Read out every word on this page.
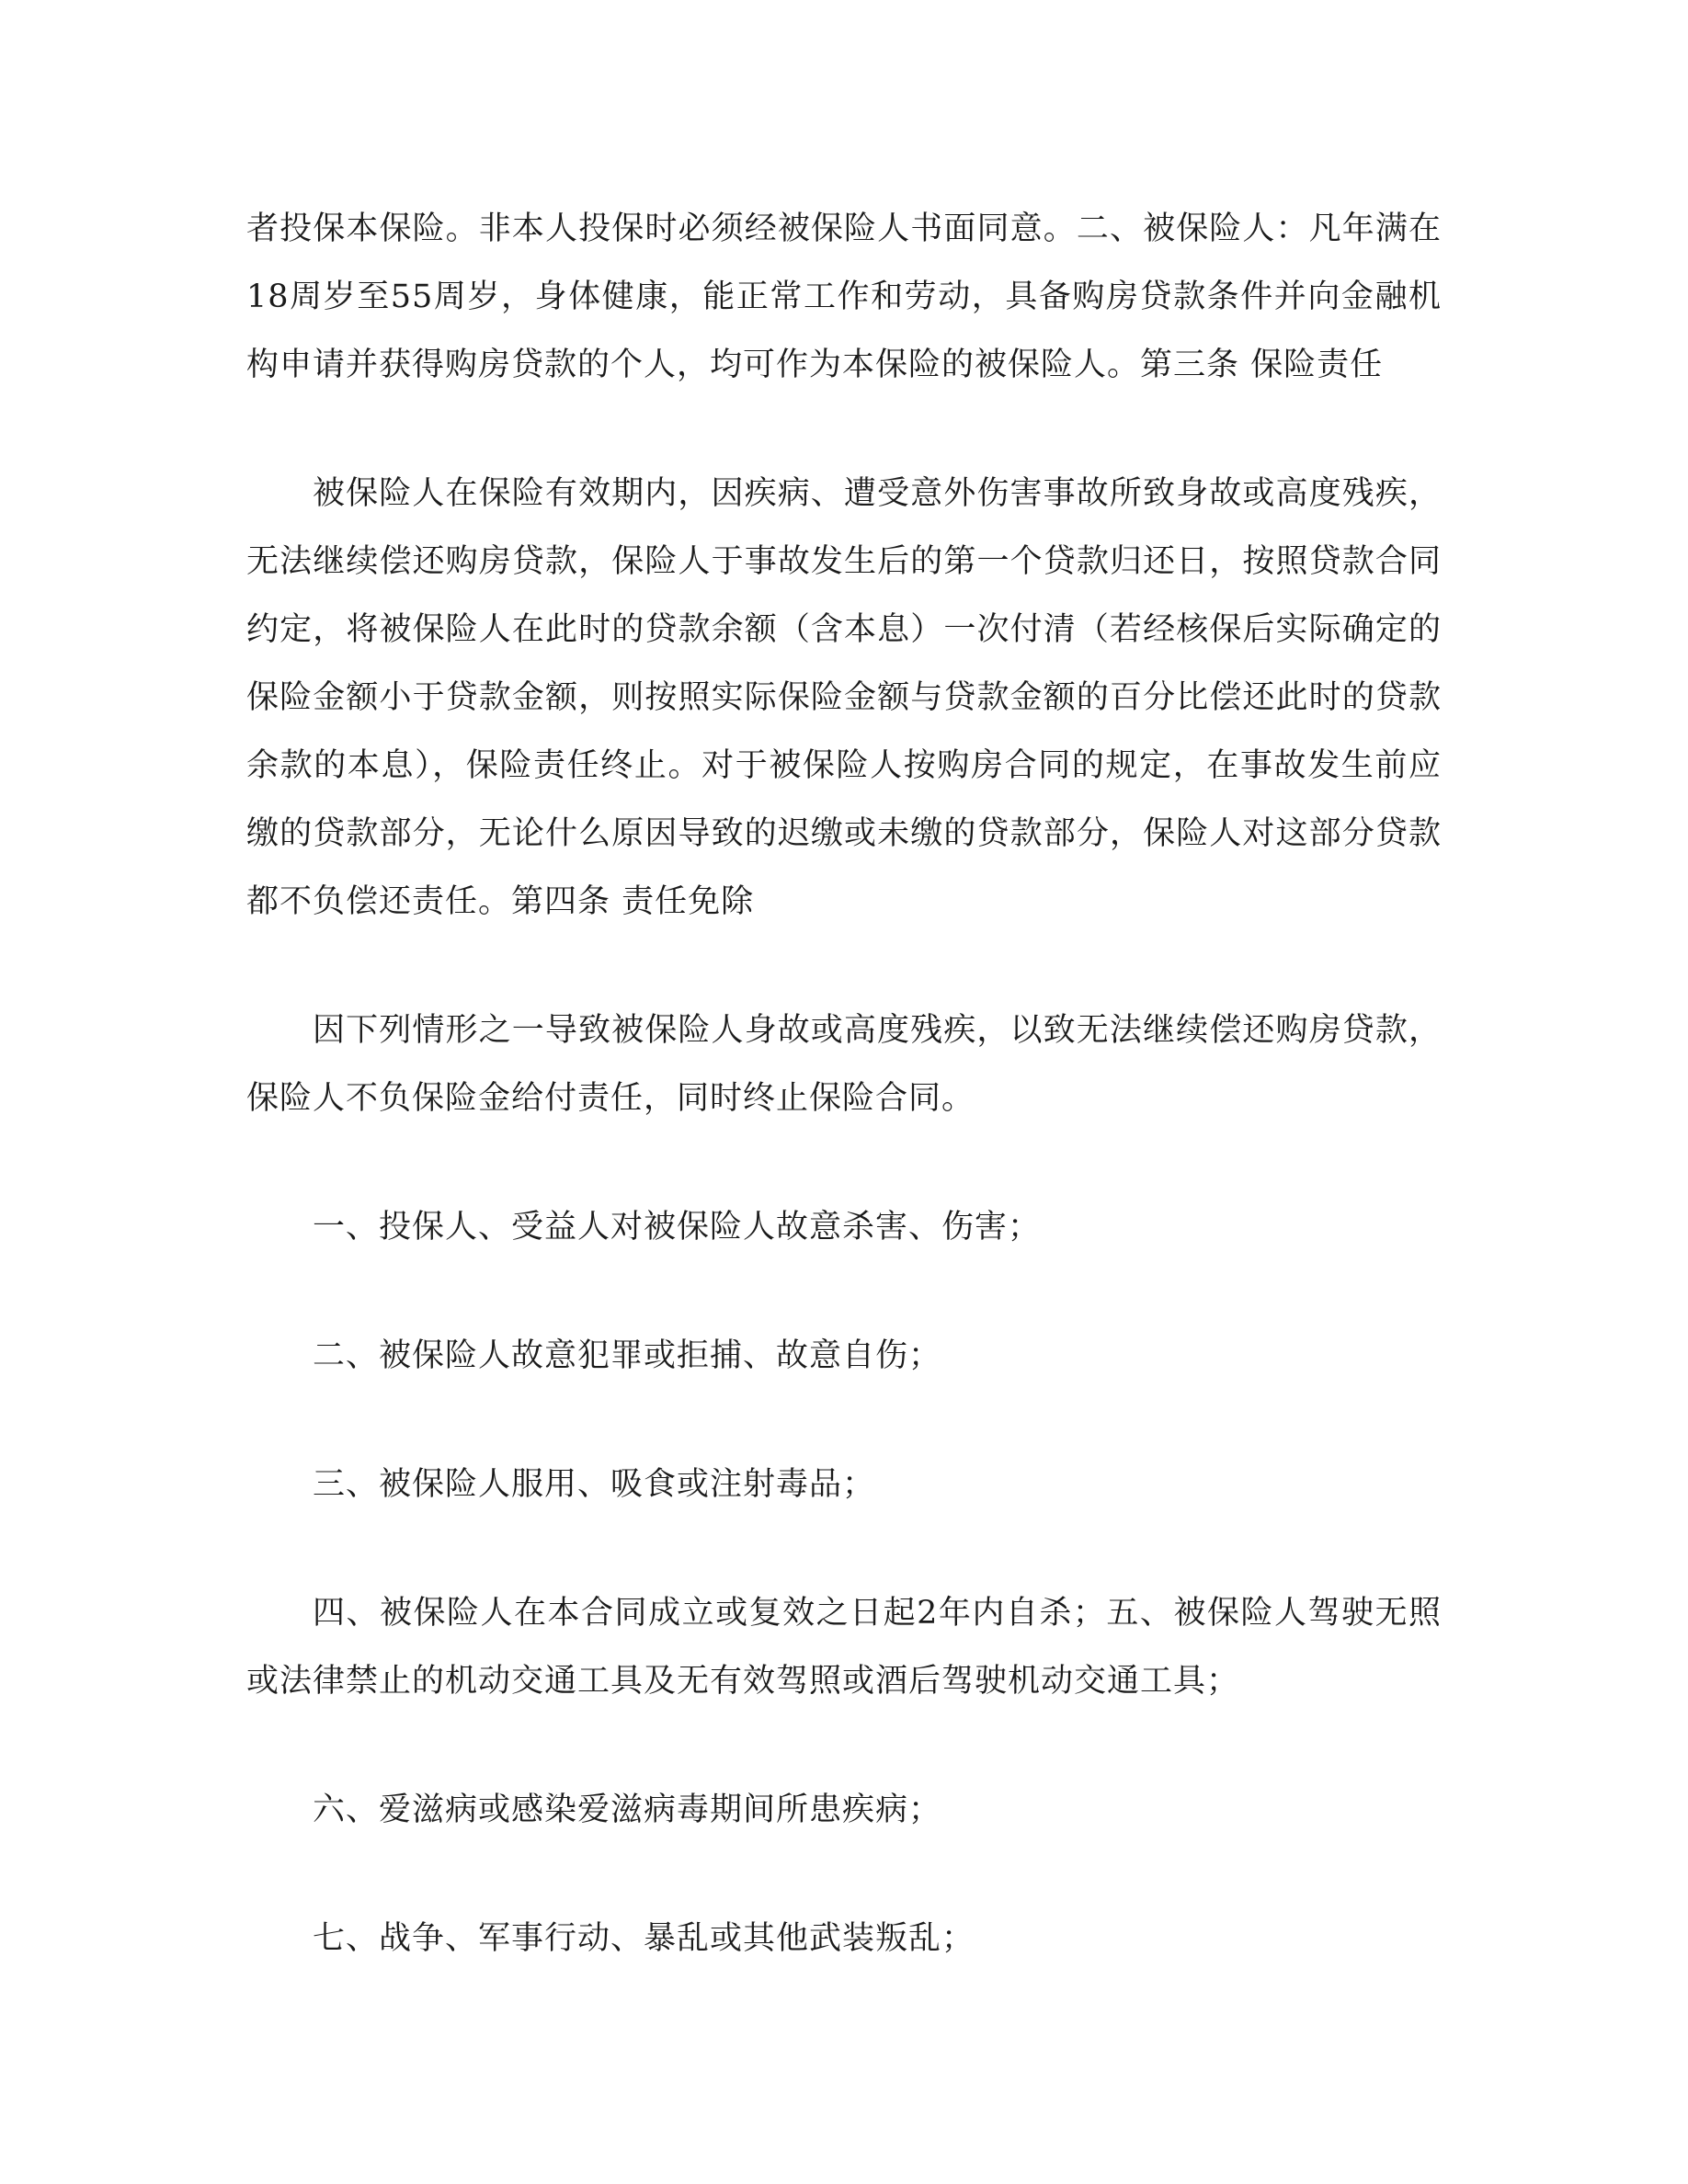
者投保本保险。非本人投保时必须经被保险人书面同意。二、被保险人：凡年满在18周岁至55周岁，身体健康，能正常工作和劳动，具备购房贷款条件并向金融机构申请并获得购房贷款的个人，均可作为本保险的被保险人。第三条 保险责任

被保险人在保险有效期内，因疾病、遭受意外伤害事故所致身故或高度残疾，无法继续偿还购房贷款，保险人于事故发生后的第一个贷款归还日，按照贷款合同约定，将被保险人在此时的贷款余额（含本息）一次付清（若经核保后实际确定的保险金额小于贷款金额，则按照实际保险金额与贷款金额的百分比偿还此时的贷款余款的本息），保险责任终止。对于被保险人按购房合同的规定，在事故发生前应缴的贷款部分，无论什么原因导致的迟缴或未缴的贷款部分，保险人对这部分贷款都不负偿还责任。第四条 责任免除

因下列情形之一导致被保险人身故或高度残疾，以致无法继续偿还购房贷款，保险人不负保险金给付责任，同时终止保险合同。

一、投保人、受益人对被保险人故意杀害、伤害；

二、被保险人故意犯罪或拒捕、故意自伤；

三、被保险人服用、吸食或注射毒品；

四、被保险人在本合同成立或复效之日起2年内自杀；五、被保险人驾驶无照或法律禁止的机动交通工具及无有效驾照或酒后驾驶机动交通工具；

六、爱滋病或感染爱滋病毒期间所患疾病；

七、战争、军事行动、暴乱或其他武装叛乱；
